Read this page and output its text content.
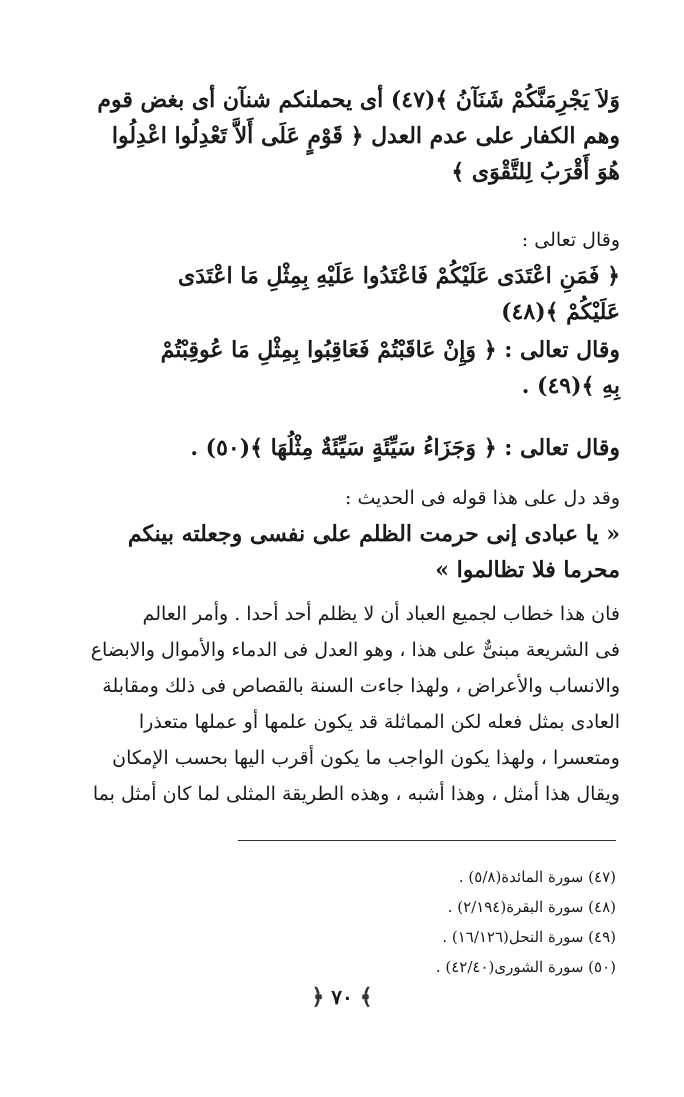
وَلاَ يَجْرِمَنَّكُمْ شَنَآنُ ﴾(٤٧) أى يحملنكم شنآن أى بغض قوم
وهم الكفار على عدم العدل ﴿ قَوْمٍ عَلَى أَلاَّ تَعْدِلُوا اعْدِلُوا
هُوَ أَقْرَبُ لِلتَّقْوَى ﴾
وقال تعالى :
﴿ فَمَنِ اعْتَدَى عَلَيْكُمْ فَاعْتَدُوا عَلَيْهِ بِمِثْلِ مَا اعْتَدَى
عَلَيْكُمْ ﴾(٤٨)
وقال تعالى : ﴿ وَإِنْ عَاقَبْتُمْ فَعَاقِبُوا بِمِثْلِ مَا عُوقِبْتُمْ
بِهِ ﴾(٤٩) .
وقال تعالى : ﴿ وَجَزَاءُ سَيِّئَةٍ سَيِّئَةٌ مِثْلُهَا ﴾(٥٠) .
وقد دل على هذا قوله فى الحديث :
« يا عبادى إنى حرمت الظلم على نفسى وجعلته بينكم
محرما فلا تظالموا »
فان هذا خطاب لجميع العباد أن لا يظلم أحد أحدا . وأمر العالم
فى الشريعة مبنىٌّ على هذا ، وهو العدل فى الدماء والأموال والابضاع
والانساب والأعراض ، ولهذا جاءت السنة بالقصاص فى ذلك ومقابلة
العادى بمثل فعله لكن المماثلة قد يكون علمها أو عملها متعذرا
ومتعسرا ، ولهذا يكون الواجب ما يكون أقرب اليها بحسب الإمكان
ويقال هذا أمثل ، وهذا أشبه ، وهذه الطريقة المثلى لما كان أمثل بما
(٤٧) سورة المائدة(٥/٨) .
(٤٨) سورة البقرة(٢/١٩٤) .
(٤٩) سورة النحل(١٦/١٢٦) .
(٥٠) سورة الشورى(٤٢/٤٠) .
﴿ ٧٠ ﴾
